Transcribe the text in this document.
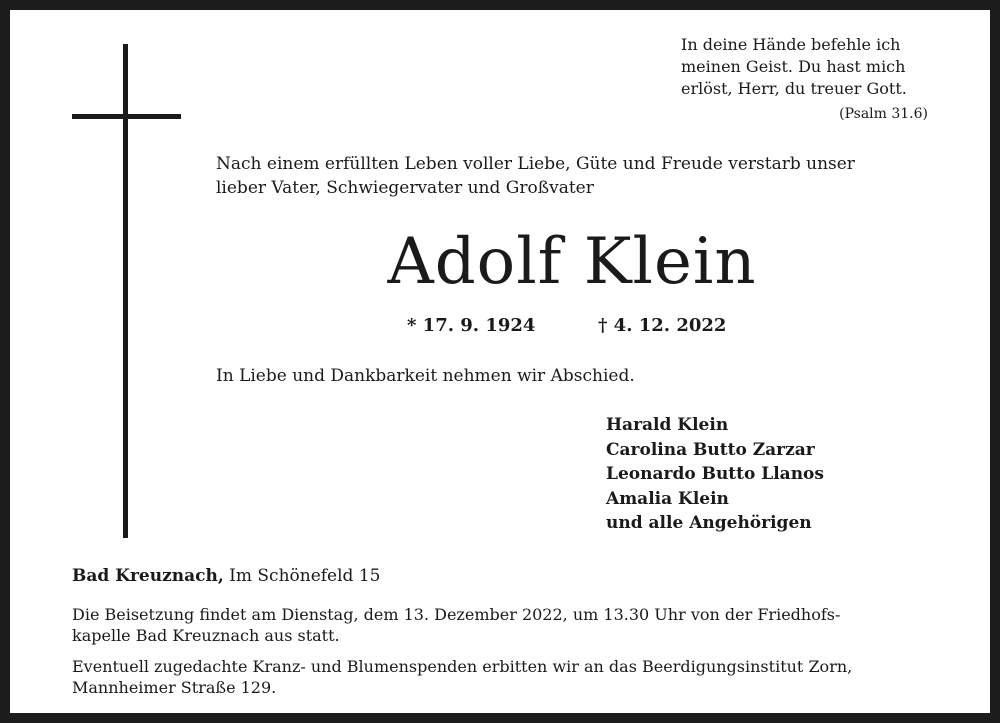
In deine Hände befehle ich
meinen Geist. Du hast mich
erlöst, Herr, du treuer Gott.
(Psalm 31.6)
Nach einem erfüllten Leben voller Liebe, Güte und Freude verstarb unser
lieber Vater, Schwiegervater und Großvater
Adolf Klein
* 17. 9. 1924	† 4. 12. 2022
In Liebe und Dankbarkeit nehmen wir Abschied.
Harald Klein
Carolina Butto Zarzar
Leonardo Butto Llanos
Amalia Klein
und alle Angehörigen
Bad Kreuznach, Im Schönefeld 15
Die Beisetzung findet am Dienstag, dem 13. Dezember 2022, um 13.30 Uhr von der Friedhofs-
kapelle Bad Kreuznach aus statt.
Eventuell zugedachte Kranz- und Blumenspenden erbitten wir an das Beerdigungsinstitut Zorn,
Mannheimer Straße 129.
